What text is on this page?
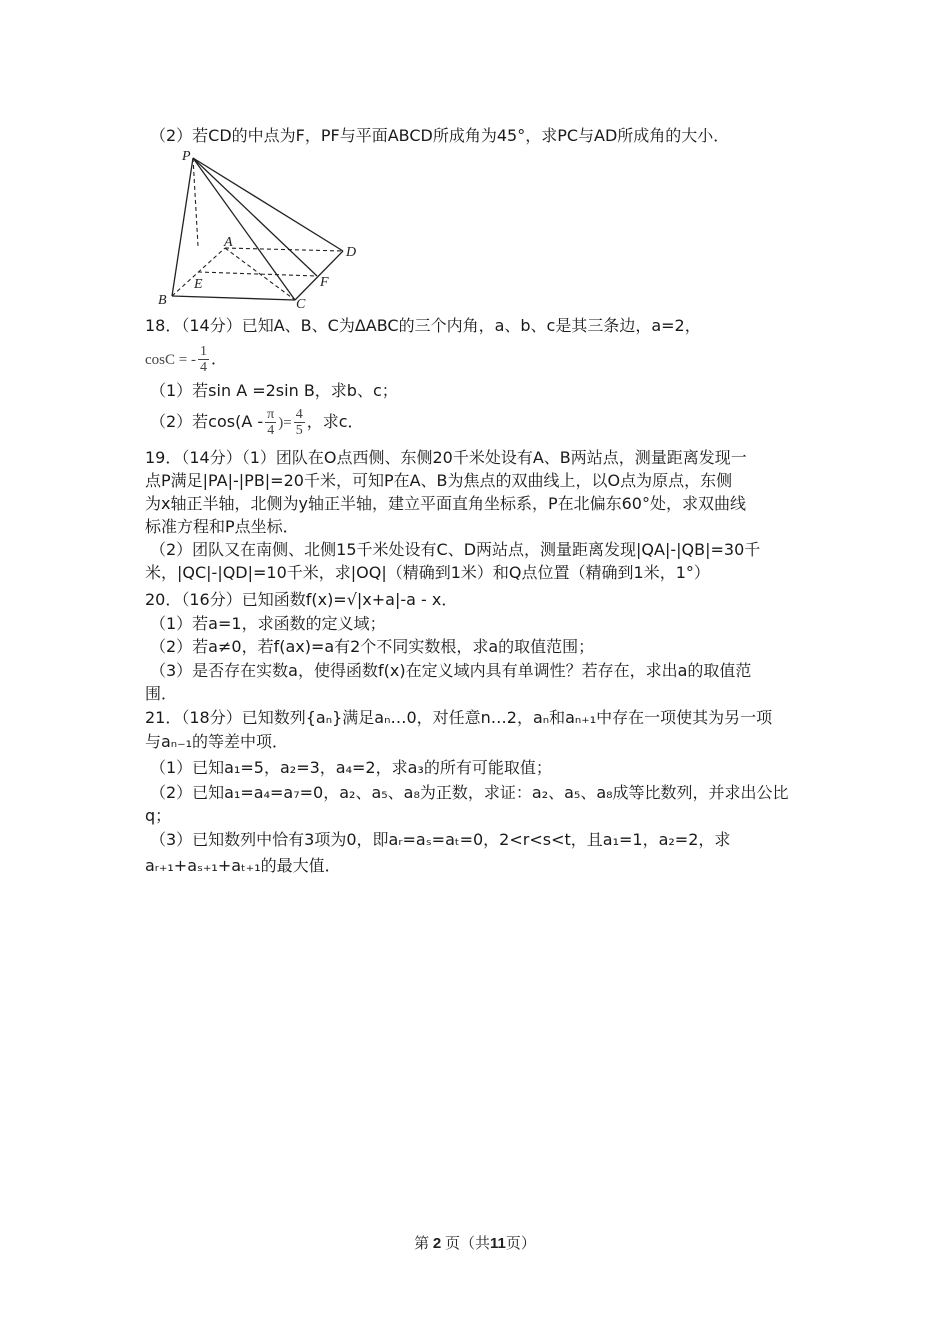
（2）若CD的中点为F，PF与平面ABCD所成角为45°，求PC与AD所成角的大小．
P
A
D
E	F
B	C
18．（14分）已知A、B、C为ΔABC的三个内角，a、b、c是其三条边，a=2，
cosC = - $\frac{1}{4}$ ．
（1）若sin A =2sin B，求b、c；
（2）若$\cos(A - \frac{\pi}{4}$ )= $\frac{4}{5}$ ，求c．
19．（14分）（1）团队在O点西侧、东侧20千米处设有A、B两站点，测量距离发现一
点P满足|PA|-|PB|=20千米，可知P在A、B为焦点的双曲线上，以O点为原点，东侧
为x轴正半轴，北侧为y轴正半轴，建立平面直角坐标系，P在北偏东60°处，求双曲线
标准方程和P点坐标．
（2）团队又在南侧、北侧15千米处设有C、D两站点，测量距离发现|QA|-|QB|=30千
米，|QC|-|QD|=10千米，求|OQ|（精确到1米）和Q点位置（精确到1米，1°）
20．（16分）已知函数f(x)=√|x+a|-a - x．
（1）若a=1，求函数的定义域；
（2）若a≠0，若f(ax)=a有2个不同实数根，求a的取值范围；
（3）是否存在实数a，使得函数f(x)在定义域内具有单调性？若存在，求出a的取值范
围．
21．（18分）已知数列{aₙ}满足aₙ…0，对任意n…2，aₙ和aₙ₊₁中存在一项使其为另一项
与aₙ₋₁的等差中项．
（1）已知a₁=5，a₂=3，a₄=2，求a₃的所有可能取值；
（2）已知a₁=a₄=a₇=0，a₂、a₅、a₈为正数，求证：a₂、a₅、a₈成等比数列，并求出公比
q；
（3）已知数列中恰有3项为0，即aᵣ=aₛ=aₜ=0，2<r<s<t，且a₁=1，a₂=2，求
aᵣ₊₁+aₛ₊₁+aₜ₊₁的最大值．
第 2 页（共11页）
